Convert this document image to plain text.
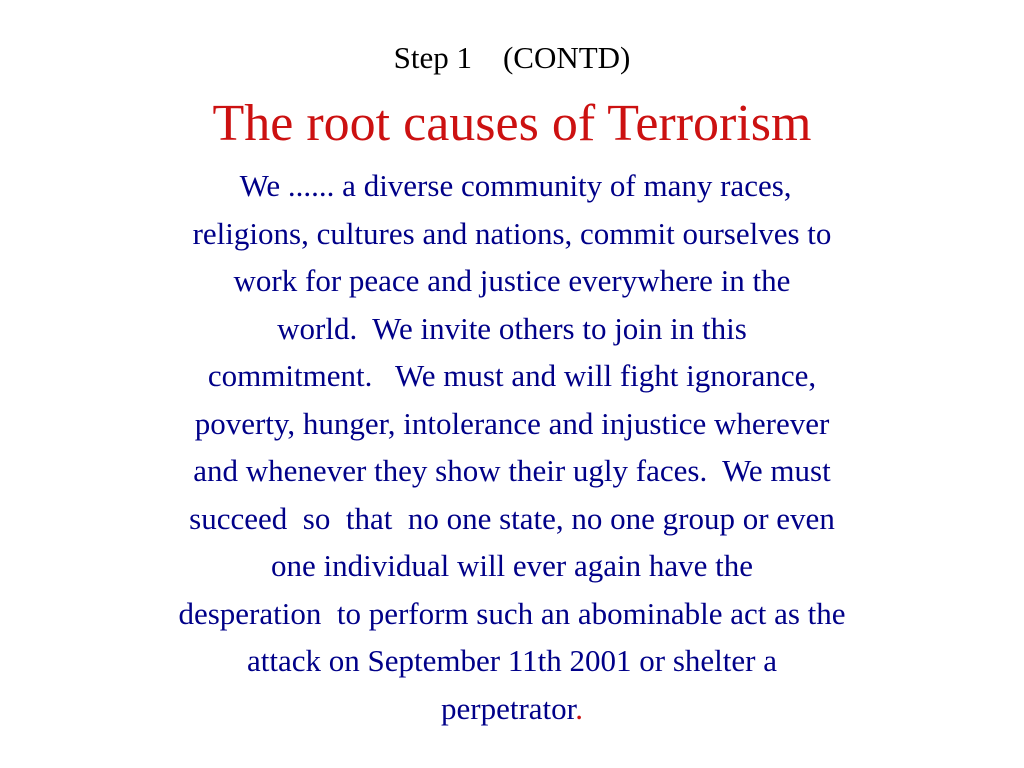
Step 1    (CONTD)
The root causes of Terrorism
We ...... a diverse community of many races,
religions, cultures and nations, commit ourselves to
work for peace and justice everywhere in the
world.  We invite others to join in this
commitment.   We must and will fight ignorance,
poverty, hunger, intolerance and injustice wherever
and whenever they show their ugly faces.  We must
succeed  so  that  no one state, no one group or even
one individual will ever again have the
desperation  to perform such an abominable act as the
attack on September 11th 2001 or shelter a
perpetrator.
